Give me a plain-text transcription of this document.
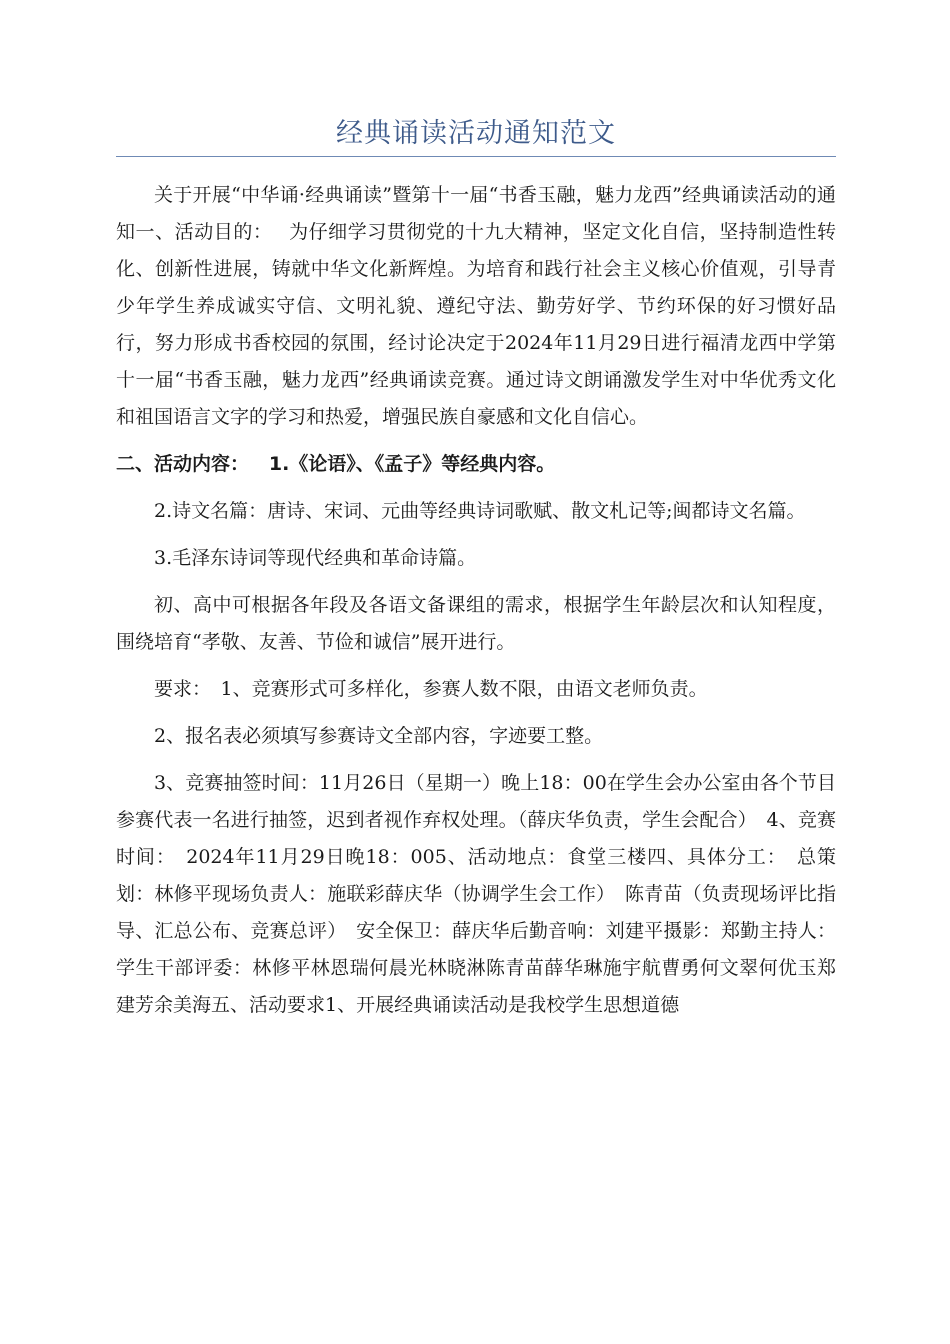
经典诵读活动通知范文

关于开展“中华诵·经典诵读”暨第十一届“书香玉融，魅力龙西”经典诵读活动的通知一、活动目的：　 为仔细学习贯彻党的十九大精神，坚定文化自信，坚持制造性转化、创新性进展，铸就中华文化新辉煌。为培育和践行社会主义核心价值观，引导青少年学生养成诚实守信、文明礼貌、遵纪守法、勤劳好学、节约环保的好习惯好品行，努力形成书香校园的氛围，经讨论决定于2024年11月29日进行福清龙西中学第十一届“书香玉融，魅力龙西”经典诵读竞赛。通过诗文朗诵激发学生对中华优秀文化和祖国语言文字的学习和热爱，增强民族自豪感和文化自信心。

二、活动内容：   1.《论语》、《孟子》等经典内容。

2.诗文名篇：唐诗、宋词、元曲等经典诗词歌赋、散文札记等;闽都诗文名篇。

3.毛泽东诗词等现代经典和革命诗篇。

初、高中可根据各年段及各语文备课组的需求，根据学生年龄层次和认知程度，围绕培育“孝敬、友善、节俭和诚信”展开进行。

要求：　1、竞赛形式可多样化，参赛人数不限，由语文老师负责。

2、报名表必须填写参赛诗文全部内容，字迹要工整。

3、竞赛抽签时间：11月26日（星期一）晚上18：00在学生会办公室由各个节目参赛代表一名进行抽签，迟到者视作弃权处理。（薛庆华负责，学生会配合）　4、竞赛时间：　2024年11月29日晚18：005、活动地点：食堂三楼四、具体分工：　总策划：林修平现场负责人：施联彩薛庆华（协调学生会工作）　陈青苗（负责现场评比指导、汇总公布、竞赛总评）　安全保卫：薛庆华后勤音响：刘建平摄影：郑勤主持人：学生干部评委：林修平林恩瑞何晨光林晓淋陈青苗薛华琳施宇航曹勇何文翠何优玉郑建芳余美海五、活动要求1、开展经典诵读活动是我校学生思想道德
